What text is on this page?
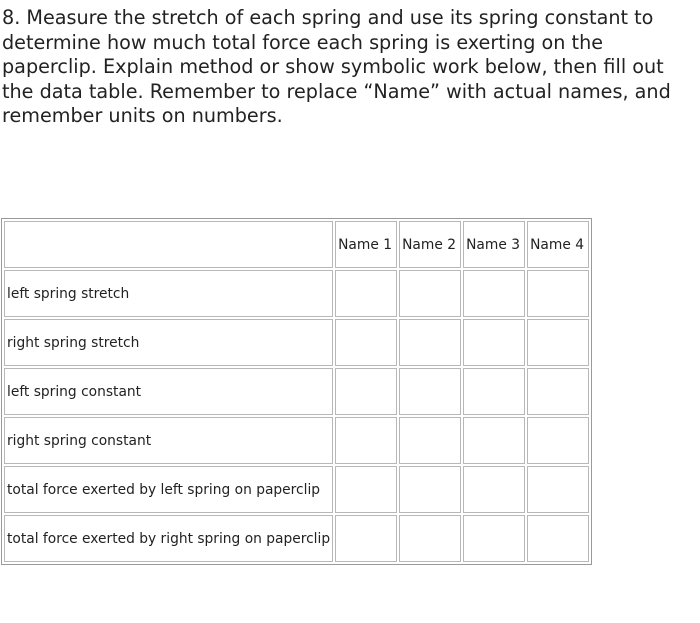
8. Measure the stretch of each spring and use its spring constant to
determine how much total force each spring is exerting on the
paperclip. Explain method or show symbolic work below, then fill out
the data table. Remember to replace “Name” with actual names, and
remember units on numbers.

	Name 1	Name 2	Name 3	Name 4
left spring stretch				
right spring stretch				
left spring constant				
right spring constant				
total force exerted by left spring on paperclip				
total force exerted by right spring on paperclip				
